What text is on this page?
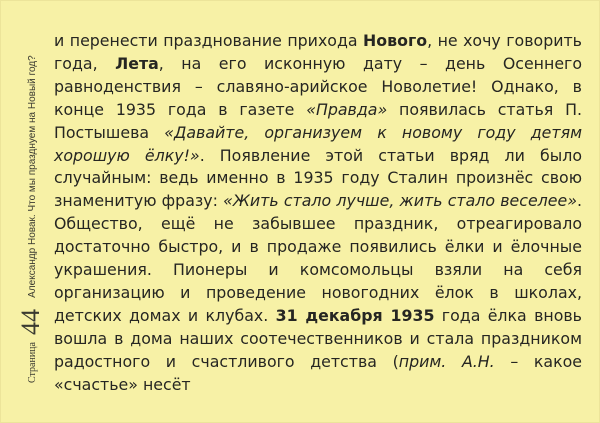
Страница 44 Александр Новак. Что мы празднуем на Новый год?
и перенести празднование прихода Нового, не хочу говорить года, Лета, на его исконную дату – день Осеннего равноденствия – славяно-арийское Новолетие! Однако, в конце 1935 года в газете «Правда» появилась статья П. Постышева «Давайте, организуем к новому году детям хорошую ёлку!». Появление этой статьи вряд ли было случайным: ведь именно в 1935 году Сталин произнёс свою знаменитую фразу: «Жить стало лучше, жить стало веселее». Общество, ещё не забывшее праздник, отреагировало достаточно быстро, и в продаже появились ёлки и ёлочные украшения. Пионеры и комсомольцы взяли на себя организацию и проведение новогодних ёлок в школах, детских домах и клубах. 31 декабря 1935 года ёлка вновь вошла в дома наших соотечественников и стала праздником радостного и счастливого детства (прим. А.Н. – какое «счастье» несёт
